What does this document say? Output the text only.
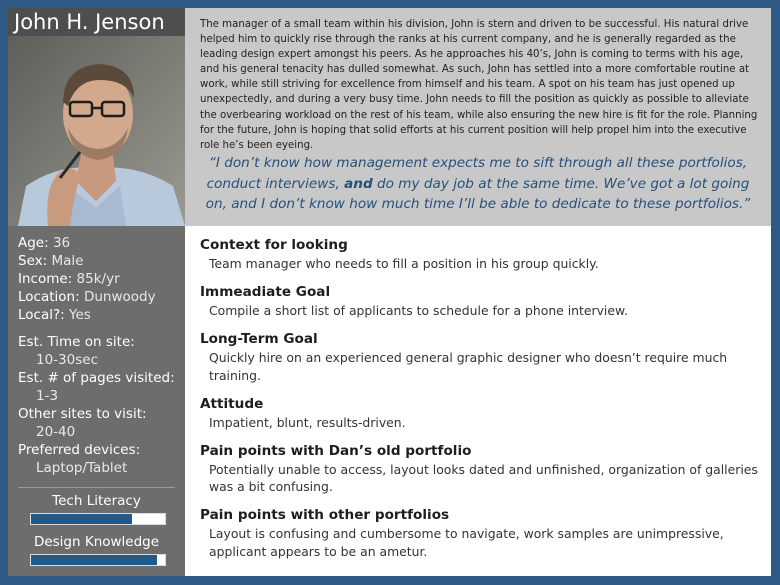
John H. Jenson
Age: 36
Sex: Male
Income: 85k/yr
Location: Dunwoody
Local?: Yes
Est. Time on site:
10-30sec
Est. # of pages visited:
1-3
Other sites to visit:
20-40
Preferred devices:
Laptop/Tablet
Tech Literacy
Design Knowledge

The manager of a small team within his division, John is stern and driven to be successful. His natural drive helped him to quickly rise through the ranks at his current company, and he is generally regarded as the leading design expert amongst his peers. As he approaches his 40’s, John is coming to terms with his age, and his general tenacity has dulled somewhat. As such, John has settled into a more comfortable routine at work, while still striving for excellence from himself and his team. A spot on his team has just opened up unexpectedly, and during a very busy time. John needs to fill the position as quickly as possible to alleviate the overbearing workload on the rest of his team, while also ensuring the new hire is fit for the role. Planning for the future, John is hoping that solid efforts at his current position will help propel him into the executive role he’s been eyeing.

“I don’t know how management expects me to sift through all these portfolios, conduct interviews, and do my day job at the same time. We’ve got a lot going on, and I don’t know how much time I’ll be able to dedicate to these portfolios.”

Context for looking

Team manager who needs to fill a position in his group quickly.

Immeadiate Goal

Compile a short list of applicants to schedule for a phone interview.

Long-Term Goal

Quickly hire on an experienced general graphic designer who doesn’t require much training.

Attitude

Impatient, blunt, results-driven.

Pain points with Dan’s old portfolio

Potentially unable to access, layout looks dated and unfinished, organization of galleries was a bit confusing.

Pain points with other portfolios

Layout is confusing and cumbersome to navigate, work samples are unimpressive, applicant appears to be an ametur.
